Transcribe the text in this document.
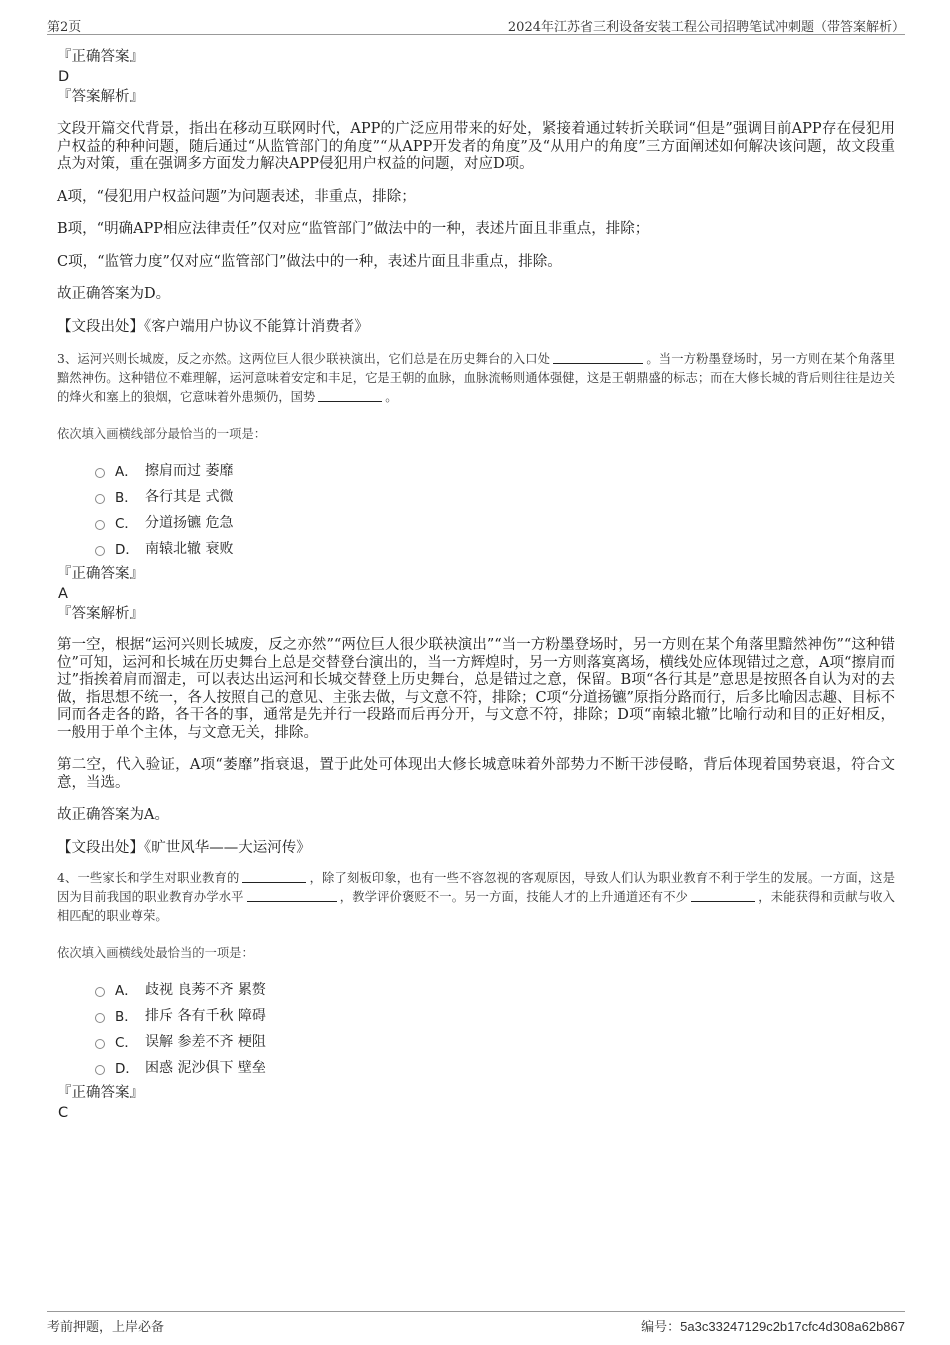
第2页	2024年江苏省三利设备安装工程公司招聘笔试冲刺题（带答案解析）

『正确答案』

D

『答案解析』

文段开篇交代背景，指出在移动互联网时代，APP的广泛应用带来的好处，紧接着通过转折关联词“但是”强调目前APP存在侵犯用户权益的种种问题，随后通过“从监管部门的角度”“从APP开发者的角度”及“从用户的角度”三方面阐述如何解决该问题，故文段重点为对策，重在强调多方面发力解决APP侵犯用户权益的问题，对应D项。

A项，“侵犯用户权益问题”为问题表述，非重点，排除；

B项，“明确APP相应法律责任”仅对应“监管部门”做法中的一种，表述片面且非重点，排除；

C项，“监管力度”仅对应“监管部门”做法中的一种，表述片面且非重点，排除。

故正确答案为D。

【文段出处】《客户端用户协议不能算计消费者》

3、运河兴则长城废，反之亦然。这两位巨人很少联袂演出，它们总是在历史舞台的入口处	。当一方粉墨登场时，另一方则在某个角落里黯然神伤。这种错位不难理解，运河意味着安定和丰足，它是王朝的血脉，血脉流畅则通体强健，这是王朝鼎盛的标志；而在大修长城的背后则往往是边关的烽火和塞上的狼烟，它意味着外患频仍，国势	。

依次填入画横线部分最恰当的一项是：

A． 擦肩而过 萎靡
B． 各行其是 式微
C． 分道扬镳 危急
D． 南辕北辙 衰败

『正确答案』

A

『答案解析』

第一空，根据“运河兴则长城废，反之亦然”“两位巨人很少联袂演出”“当一方粉墨登场时，另一方则在某个角落里黯然神伤”“这种错位”可知，运河和长城在历史舞台上总是交替登台演出的，当一方辉煌时，另一方则落寞离场，横线处应体现错过之意，A项“擦肩而过”指挨着肩而溜走，可以表达出运河和长城交替登上历史舞台，总是错过之意，保留。B项“各行其是”意思是按照各自认为对的去做，指思想不统一，各人按照自己的意见、主张去做，与文意不符，排除；C项“分道扬镳”原指分路而行，后多比喻因志趣、目标不同而各走各的路，各干各的事，通常是先并行一段路而后再分开，与文意不符，排除；D项“南辕北辙”比喻行动和目的正好相反，一般用于单个主体，与文意无关，排除。

第二空，代入验证，A项“萎靡”指衰退，置于此处可体现出大修长城意味着外部势力不断干涉侵略，背后体现着国势衰退，符合文意，当选。

故正确答案为A。

【文段出处】《旷世风华——大运河传》

4、一些家长和学生对职业教育的	，除了刻板印象，也有一些不容忽视的客观原因，导致人们认为职业教育不利于学生的发展。一方面，这是因为目前我国的职业教育办学水平	，教学评价褒贬不一。另一方面，技能人才的上升通道还有不少	，未能获得和贡献与收入相匹配的职业尊荣。

依次填入画横线处最恰当的一项是：

A． 歧视 良莠不齐 累赘
B． 排斥 各有千秋 障碍
C． 误解 参差不齐 梗阻
D． 困惑 泥沙俱下 壁垒

『正确答案』

C

考前押题，上岸必备	编号：5a3c33247129c2b17cfc4d308a62b867
